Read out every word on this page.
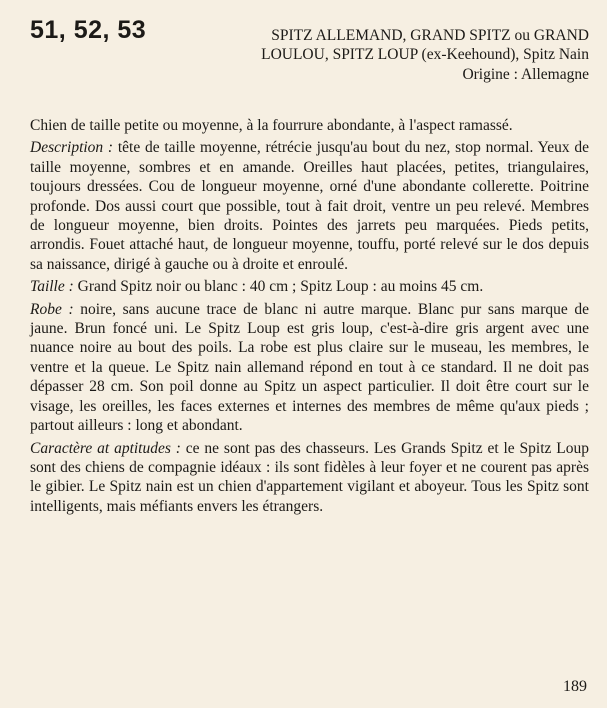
51, 52, 53	SPITZ ALLEMAND, GRAND SPITZ ou GRAND
LOULOU, SPITZ LOUP (ex-Keehound), Spitz Nain
Origine : Allemagne

Chien de taille petite ou moyenne, à la fourrure abondante, à l'aspect ramassé.

Description : tête de taille moyenne, rétrécie jusqu'au bout du nez, stop normal. Yeux de taille moyenne, sombres et en amande. Oreilles haut placées, petites, triangulaires, toujours dressées. Cou de longueur moyenne, orné d'une abondante collerette. Poitrine profonde. Dos aussi court que possible, tout à fait droit, ventre un peu relevé. Membres de longueur moyenne, bien droits. Pointes des jarrets peu marquées. Pieds petits, arrondis. Fouet attaché haut, de longueur moyenne, touffu, porté relevé sur le dos depuis sa naissance, dirigé à gauche ou à droite et enroulé.

Taille : Grand Spitz noir ou blanc : 40 cm ; Spitz Loup : au moins 45 cm.

Robe : noire, sans aucune trace de blanc ni autre marque. Blanc pur sans marque de jaune. Brun foncé uni. Le Spitz Loup est gris loup, c'est-à-dire gris argent avec une nuance noire au bout des poils. La robe est plus claire sur le museau, les membres, le ventre et la queue. Le Spitz nain allemand répond en tout à ce standard. Il ne doit pas dépasser 28 cm. Son poil donne au Spitz un aspect particulier. Il doit être court sur le visage, les oreilles, les faces externes et internes des membres de même qu'aux pieds ; partout ailleurs : long et abondant.

Caractère at aptitudes : ce ne sont pas des chasseurs. Les Grands Spitz et le Spitz Loup sont des chiens de compagnie idéaux : ils sont fidèles à leur foyer et ne courent pas après le gibier. Le Spitz nain est un chien d'appartement vigilant et aboyeur. Tous les Spitz sont intelligents, mais méfiants envers les étrangers.

189
